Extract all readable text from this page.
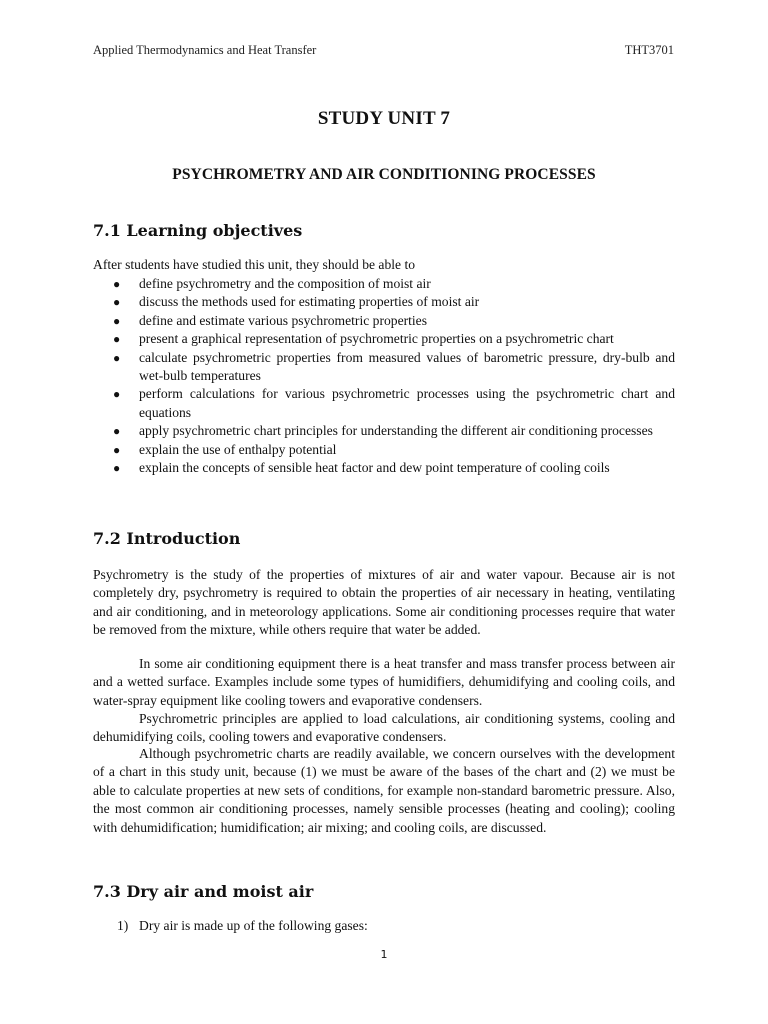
Applied Thermodynamics and Heat Transfer	THT3701
STUDY UNIT 7
PSYCHROMETRY AND AIR CONDITIONING PROCESSES
7.1 Learning objectives
After students have studied this unit, they should be able to
● define psychrometry and the composition of moist air
● discuss the methods used for estimating properties of moist air
● define and estimate various psychrometric properties
● present a graphical representation of psychrometric properties on a psychrometric chart
● calculate psychrometric properties from measured values of barometric pressure, dry-bulb and wet-bulb temperatures
● perform calculations for various psychrometric processes using the psychrometric chart and equations
● apply psychrometric chart principles for understanding the different air conditioning processes
● explain the use of enthalpy potential
● explain the concepts of sensible heat factor and dew point temperature of cooling coils
7.2 Introduction
Psychrometry is the study of the properties of mixtures of air and water vapour. Because air is not completely dry, psychrometry is required to obtain the properties of air necessary in heating, ventilating and air conditioning, and in meteorology applications. Some air conditioning processes require that water be removed from the mixture, while others require that water be added.
In some air conditioning equipment there is a heat transfer and mass transfer process between air and a wetted surface. Examples include some types of humidifiers, dehumidifying and cooling coils, and water-spray equipment like cooling towers and evaporative condensers.
Psychrometric principles are applied to load calculations, air conditioning systems, cooling and dehumidifying coils, cooling towers and evaporative condensers.
Although psychrometric charts are readily available, we concern ourselves with the development of a chart in this study unit, because (1) we must be aware of the bases of the chart and (2) we must be able to calculate properties at new sets of conditions, for example non-standard barometric pressure. Also, the most common air conditioning processes, namely sensible processes (heating and cooling); cooling with dehumidification; humidification; air mixing; and cooling coils, are discussed.
7.3 Dry air and moist air
1) Dry air is made up of the following gases:
1
